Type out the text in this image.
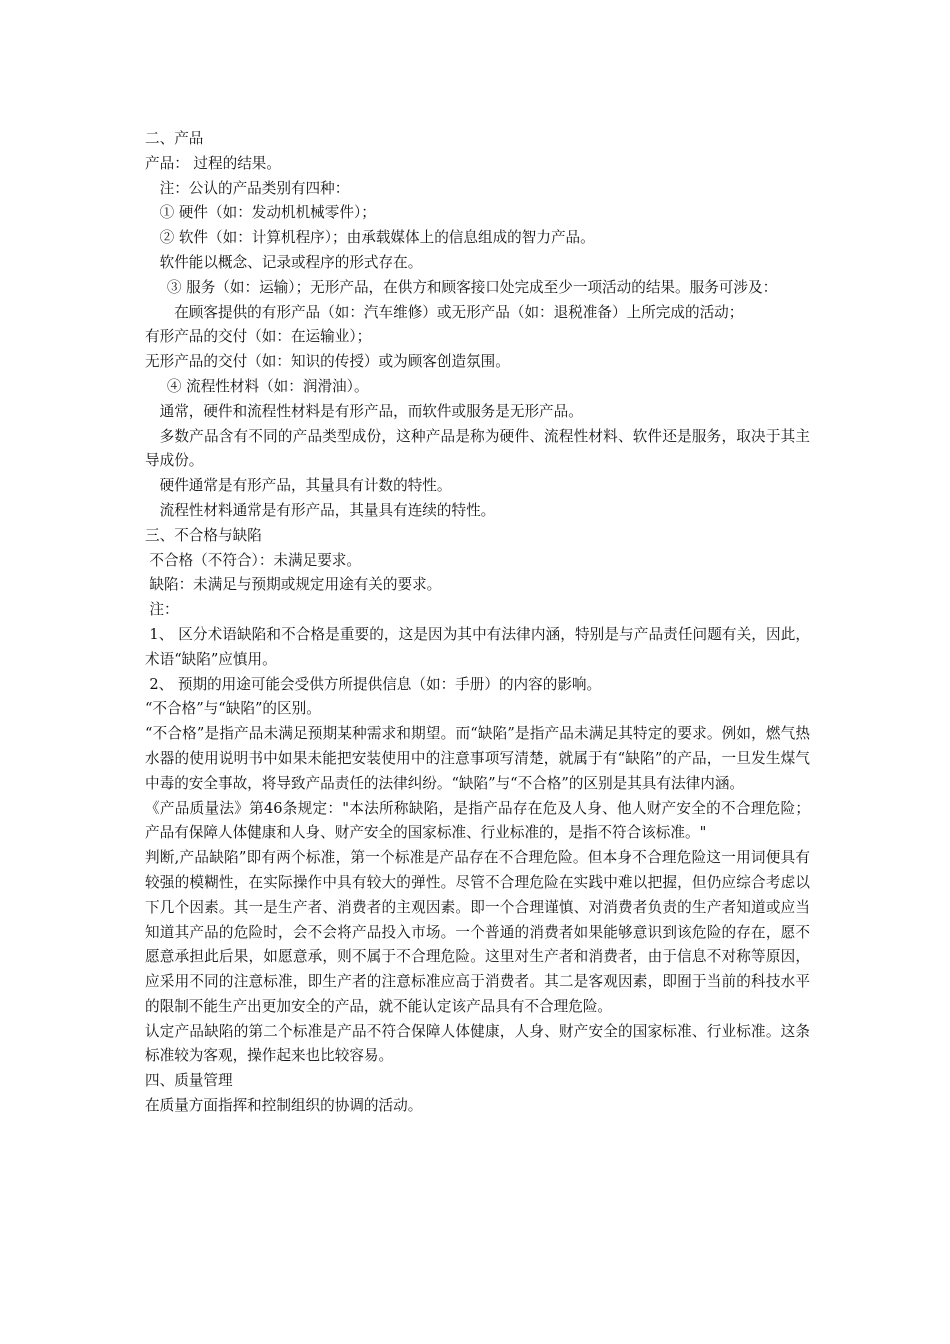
二、产品

产品： 过程的结果。

注：公认的产品类别有四种：

① 硬件（如：发动机机械零件）；

② 软件（如：计算机程序）；由承载媒体上的信息组成的智力产品。

软件能以概念、记录或程序的形式存在。

③ 服务（如：运输）；无形产品，在供方和顾客接口处完成至少一项活动的结果。服务可涉及：

在顾客提供的有形产品（如：汽车维修）或无形产品（如：退税准备）上所完成的活动；

有形产品的交付（如：在运输业）；

无形产品的交付（如：知识的传授）或为顾客创造氛围。

④ 流程性材料（如：润滑油）。

通常，硬件和流程性材料是有形产品，而软件或服务是无形产品。

多数产品含有不同的产品类型成份，这种产品是称为硬件、流程性材料、软件还是服务，取决于其主导成份。

硬件通常是有形产品，其量具有计数的特性。

流程性材料通常是有形产品，其量具有连续的特性。

三、不合格与缺陷

不合格（不符合）：未满足要求。

缺陷：未满足与预期或规定用途有关的要求。

注：

1、 区分术语缺陷和不合格是重要的，这是因为其中有法律内涵，特别是与产品责任问题有关，因此，术语“缺陷”应慎用。

2、 预期的用途可能会受供方所提供信息（如：手册）的内容的影响。

“不合格”与“缺陷”的区别。

“不合格”是指产品未满足预期某种需求和期望。而“缺陷”是指产品未满足其特定的要求。例如，燃气热水器的使用说明书中如果未能把安装使用中的注意事项写清楚，就属于有“缺陷”的产品，一旦发生煤气中毒的安全事故，将导致产品责任的法律纠纷。“缺陷”与“不合格”的区别是其具有法律内涵。

《产品质量法》第46条规定："本法所称缺陷，是指产品存在危及人身、他人财产安全的不合理危险；产品有保障人体健康和人身、财产安全的国家标准、行业标准的，是指不符合该标准。"

判断,产品缺陷”即有两个标准，第一个标准是产品存在不合理危险。但本身不合理危险这一用词便具有较强的模糊性，在实际操作中具有较大的弹性。尽管不合理危险在实践中难以把握，但仍应综合考虑以下几个因素。其一是生产者、消费者的主观因素。即一个合理谨慎、对消费者负责的生产者知道或应当知道其产品的危险时，会不会将产品投入市场。一个普通的消费者如果能够意识到该危险的存在，愿不愿意承担此后果，如愿意承，则不属于不合理危险。这里对生产者和消费者，由于信息不对称等原因，应采用不同的注意标准，即生产者的注意标准应高于消费者。其二是客观因素，即囿于当前的科技水平的限制不能生产出更加安全的产品，就不能认定该产品具有不合理危险。

认定产品缺陷的第二个标准是产品不符合保障人体健康，人身、财产安全的国家标准、行业标准。这条标准较为客观，操作起来也比较容易。

四、质量管理

在质量方面指挥和控制组织的协调的活动。
